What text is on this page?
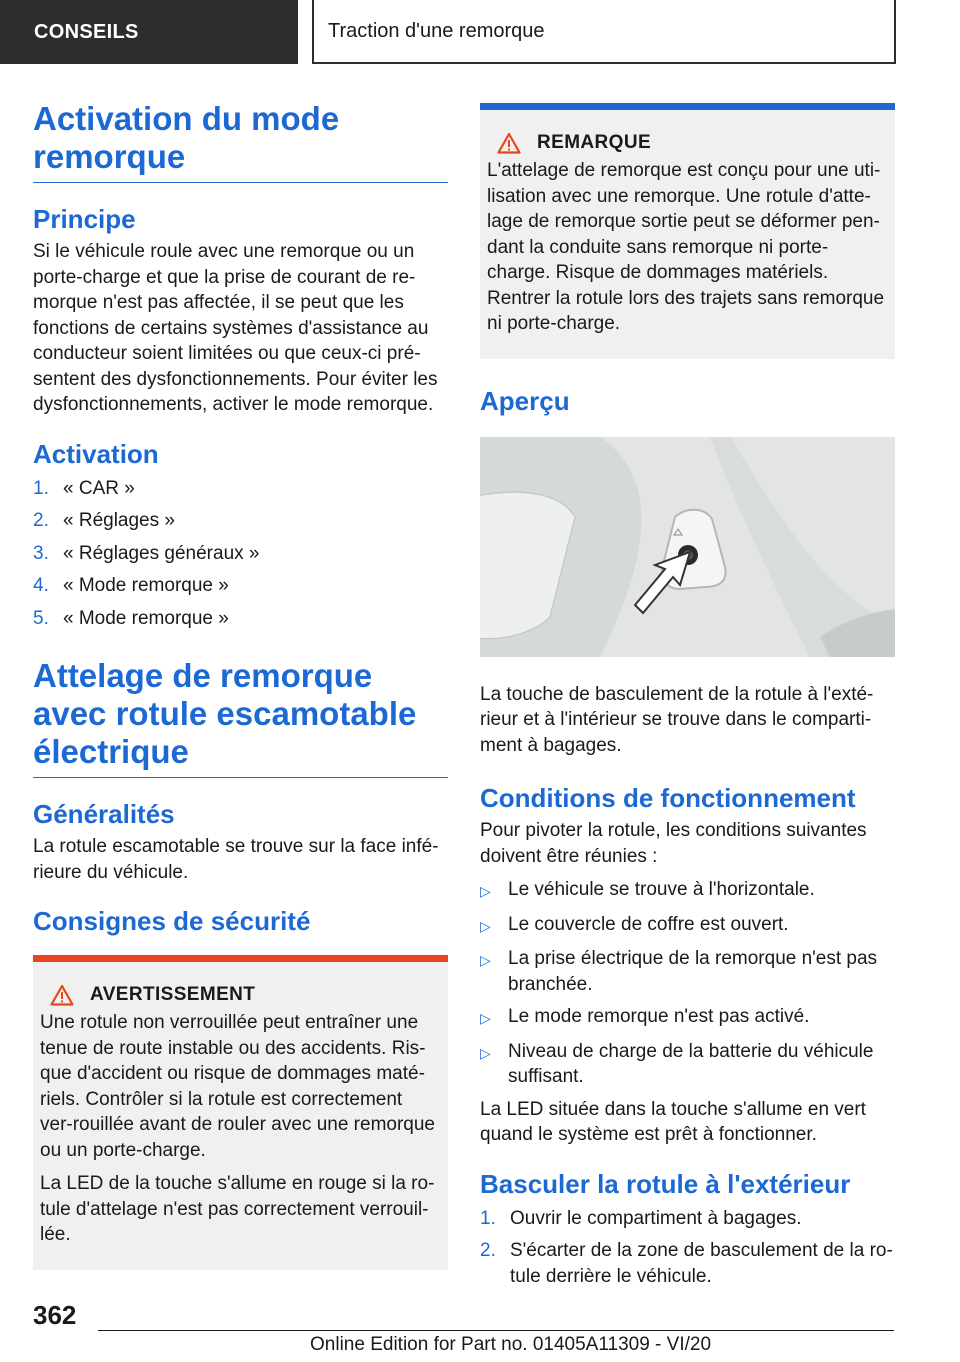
CONSEILS	Traction d'une remorque
Activation du mode remorque
Principe

Si le véhicule roule avec une remorque ou un porte-charge et que la prise de courant de re-morque n'est pas affectée, il se peut que les fonctions de certains systèmes d'assistance au conducteur soient limitées ou que ceux-ci pré-sentent des dysfonctionnements. Pour éviter les dysfonctionnements, activer le mode remorque.

Activation
1. « CAR »
2. « Réglages »
3. « Réglages généraux »
4. « Mode remorque »
5. « Mode remorque »
Attelage de remorque avec rotule escamotable électrique
Généralités

La rotule escamotable se trouve sur la face infé-rieure du véhicule.

Consignes de sécurité
AVERTISSEMENT

Une rotule non verrouillée peut entraîner une tenue de route instable ou des accidents. Ris-que d'accident ou risque de dommages maté-riels. Contrôler si la rotule est correctement ver-rouillée avant de rouler avec une remorque ou un porte-charge.

La LED de la touche s'allume en rouge si la ro-tule d'attelage n'est pas correctement verrouil-lée.

REMARQUE

L'attelage de remorque est conçu pour une uti-lisation avec une remorque. Une rotule d'atte-lage de remorque sortie peut se déformer pen-dant la conduite sans remorque ni porte-charge. Risque de dommages matériels. Rentrer la rotule lors des trajets sans remorque ni porte-charge.

Aperçu

La touche de basculement de la rotule à l'exté-rieur et à l'intérieur se trouve dans le comparti-ment à bagages.

Conditions de fonctionnement

Pour pivoter la rotule, les conditions suivantes doivent être réunies :

▷ Le véhicule se trouve à l'horizontale.
▷ Le couvercle de coffre est ouvert.
▷ La prise électrique de la remorque n'est pas branchée.
▷ Le mode remorque n'est pas activé.
▷ Niveau de charge de la batterie du véhicule suffisant.

La LED située dans la touche s'allume en vert quand le système est prêt à fonctionner.

Basculer la rotule à l'extérieur
1. Ouvrir le compartiment à bagages.
2. S'écarter de la zone de basculement de la ro-tule derrière le véhicule.
362
Online Edition for Part no. 01405A11309 - VI/20
